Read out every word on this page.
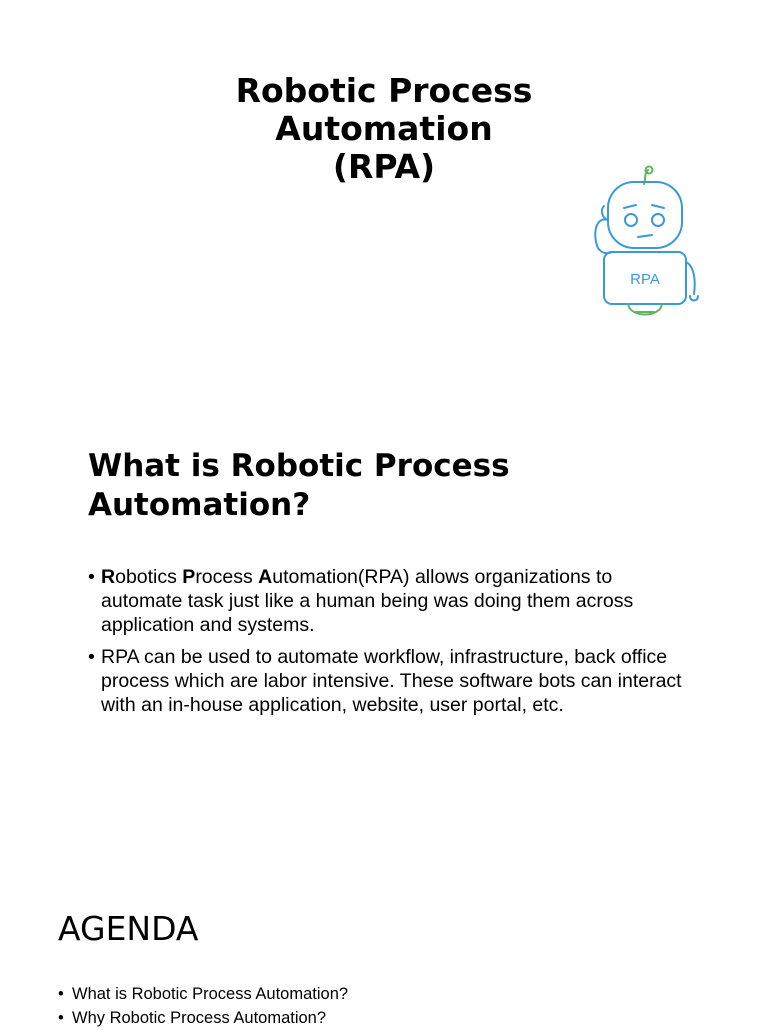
Robotic Process
Automation
(RPA)
RPA
What is Robotic Process
Automation?
• Robotics Process Automation(RPA) allows organizations to
automate task just like a human being was doing them across
application and systems.
• RPA can be used to automate workflow, infrastructure, back office
process which are labor intensive. These software bots can interact
with an in-house application, website, user portal, etc.
AGENDA
• What is Robotic Process Automation?
• Why Robotic Process Automation?
